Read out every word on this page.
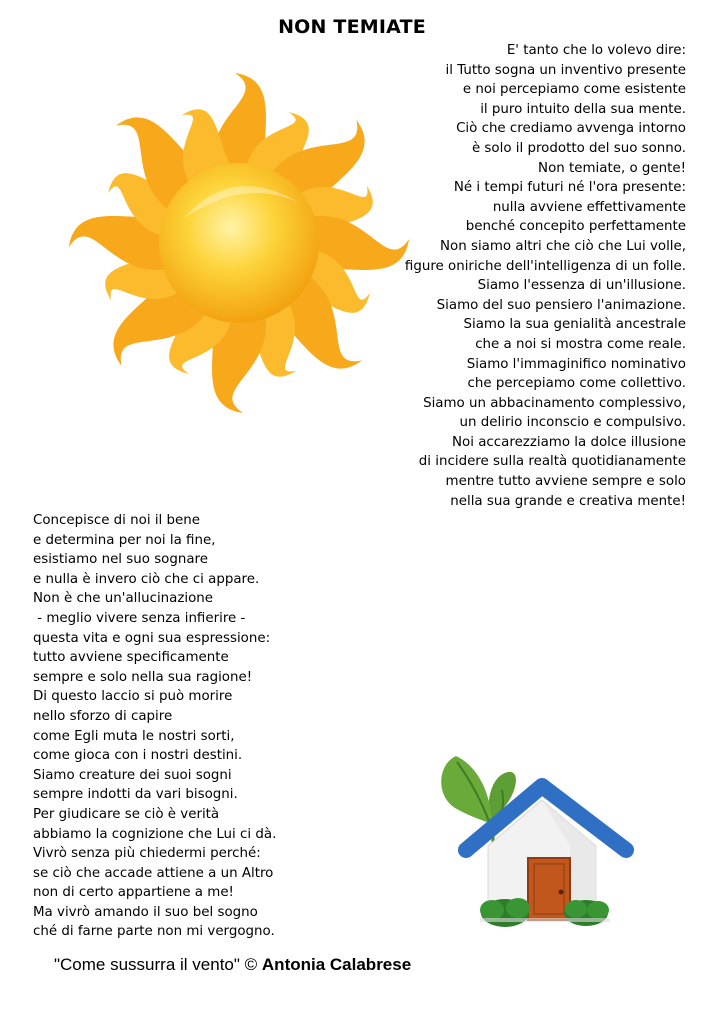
NON TEMIATE
E' tanto che lo volevo dire:
il Tutto sogna un inventivo presente
e noi percepiamo come esistente
il puro intuito della sua mente.
Ciò che crediamo avvenga intorno
è solo il prodotto del suo sonno.
Non temiate, o gente!
Né i tempi futuri né l'ora presente:
nulla avviene effettivamente
benché concepito perfettamente
Non siamo altri che ciò che Lui volle,
figure oniriche dell'intelligenza di un folle.
Siamo l'essenza di un'illusione.
Siamo del suo pensiero l'animazione.
Siamo la sua genialità ancestrale
che a noi si mostra come reale.
Siamo l'immaginifico nominativo
che percepiamo come collettivo.
Siamo un abbacinamento complessivo,
un delirio inconscio e compulsivo.
Noi accarezziamo la dolce illusione
di incidere sulla realtà quotidianamente
mentre tutto avviene sempre e solo
nella sua grande e creativa mente!
Concepisce di noi il bene
e determina per noi la fine,
esistiamo nel suo sognare
e nulla è invero ciò che ci appare.
Non è che un'allucinazione
- meglio vivere senza infierire -
questa vita e ogni sua espressione:
tutto avviene specificamente
sempre e solo nella sua ragione!
Di questo laccio si può morire
nello sforzo di capire
come Egli muta le nostri sorti,
come gioca con i nostri destini.
Siamo creature dei suoi sogni
sempre indotti da vari bisogni.
Per giudicare se ciò è verità
abbiamo la cognizione che Lui ci dà.
Vivrò senza più chiedermi perché:
se ciò che accade attiene a un Altro
non di certo appartiene a me!
Ma vivrò amando il suo bel sogno
ché di farne parte non mi vergogno.

"Come sussurra il vento" © Antonia Calabrese
